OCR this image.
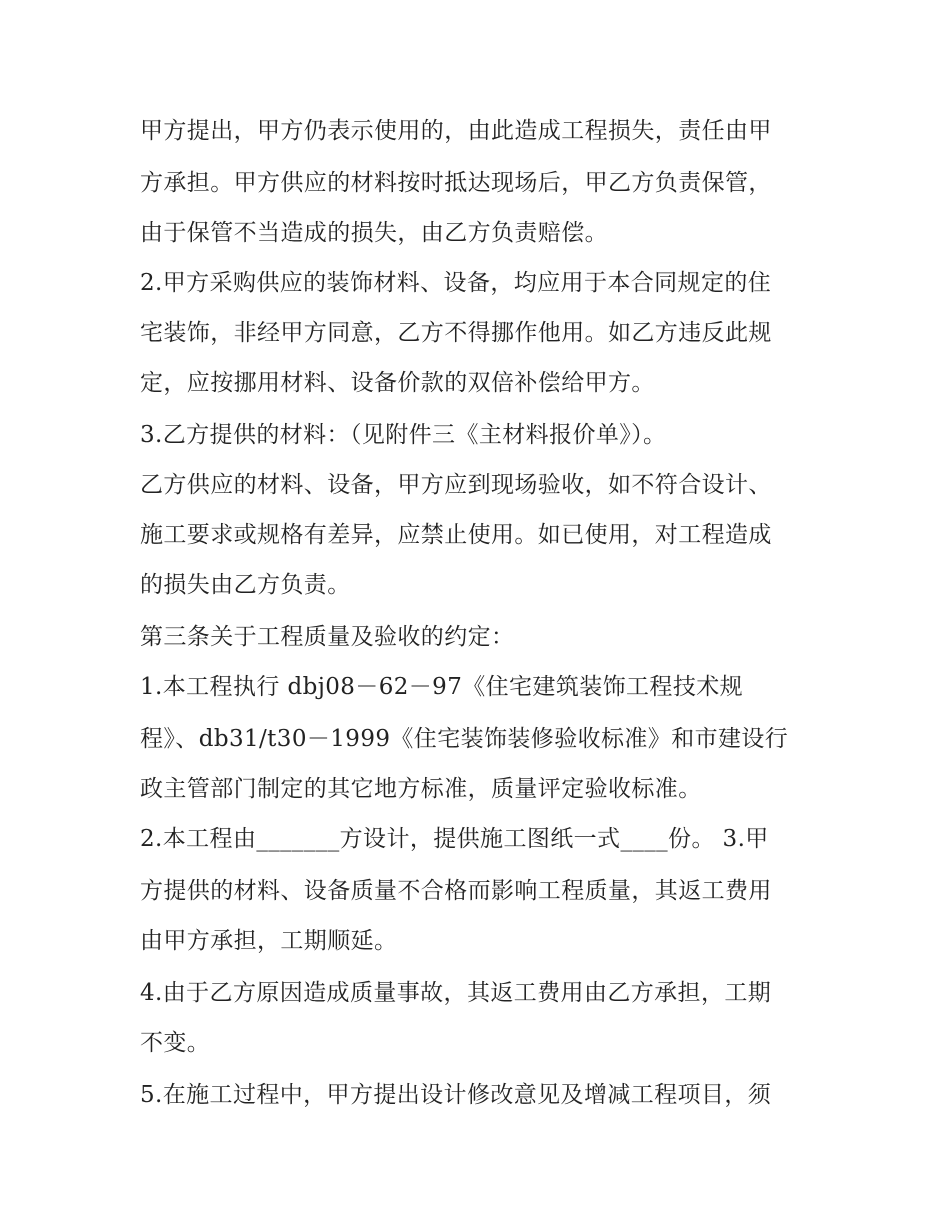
甲方提出，甲方仍表示使用的，由此造成工程损失，责任由甲

方承担。甲方供应的材料按时抵达现场后，甲乙方负责保管，

由于保管不当造成的损失，由乙方负责赔偿。

2.甲方采购供应的装饰材料、设备，均应用于本合同规定的住

宅装饰，非经甲方同意，乙方不得挪作他用。如乙方违反此规

定，应按挪用材料、设备价款的双倍补偿给甲方。

3.乙方提供的材料：（见附件三《主材料报价单》）。

乙方供应的材料、设备，甲方应到现场验收，如不符合设计、

施工要求或规格有差异，应禁止使用。如已使用，对工程造成

的损失由乙方负责。

第三条关于工程质量及验收的约定：

1.本工程执行 dbj08－62－97《住宅建筑装饰工程技术规

程》、db31/t30－1999《住宅装饰装修验收标准》和市建设行

政主管部门制定的其它地方标准，质量评定验收标准。

2.本工程由_______方设计，提供施工图纸一式____份。 3.甲

方提供的材料、设备质量不合格而影响工程质量，其返工费用

由甲方承担，工期顺延。

4.由于乙方原因造成质量事故，其返工费用由乙方承担，工期

不变。

5.在施工过程中，甲方提出设计修改意见及增减工程项目，须
